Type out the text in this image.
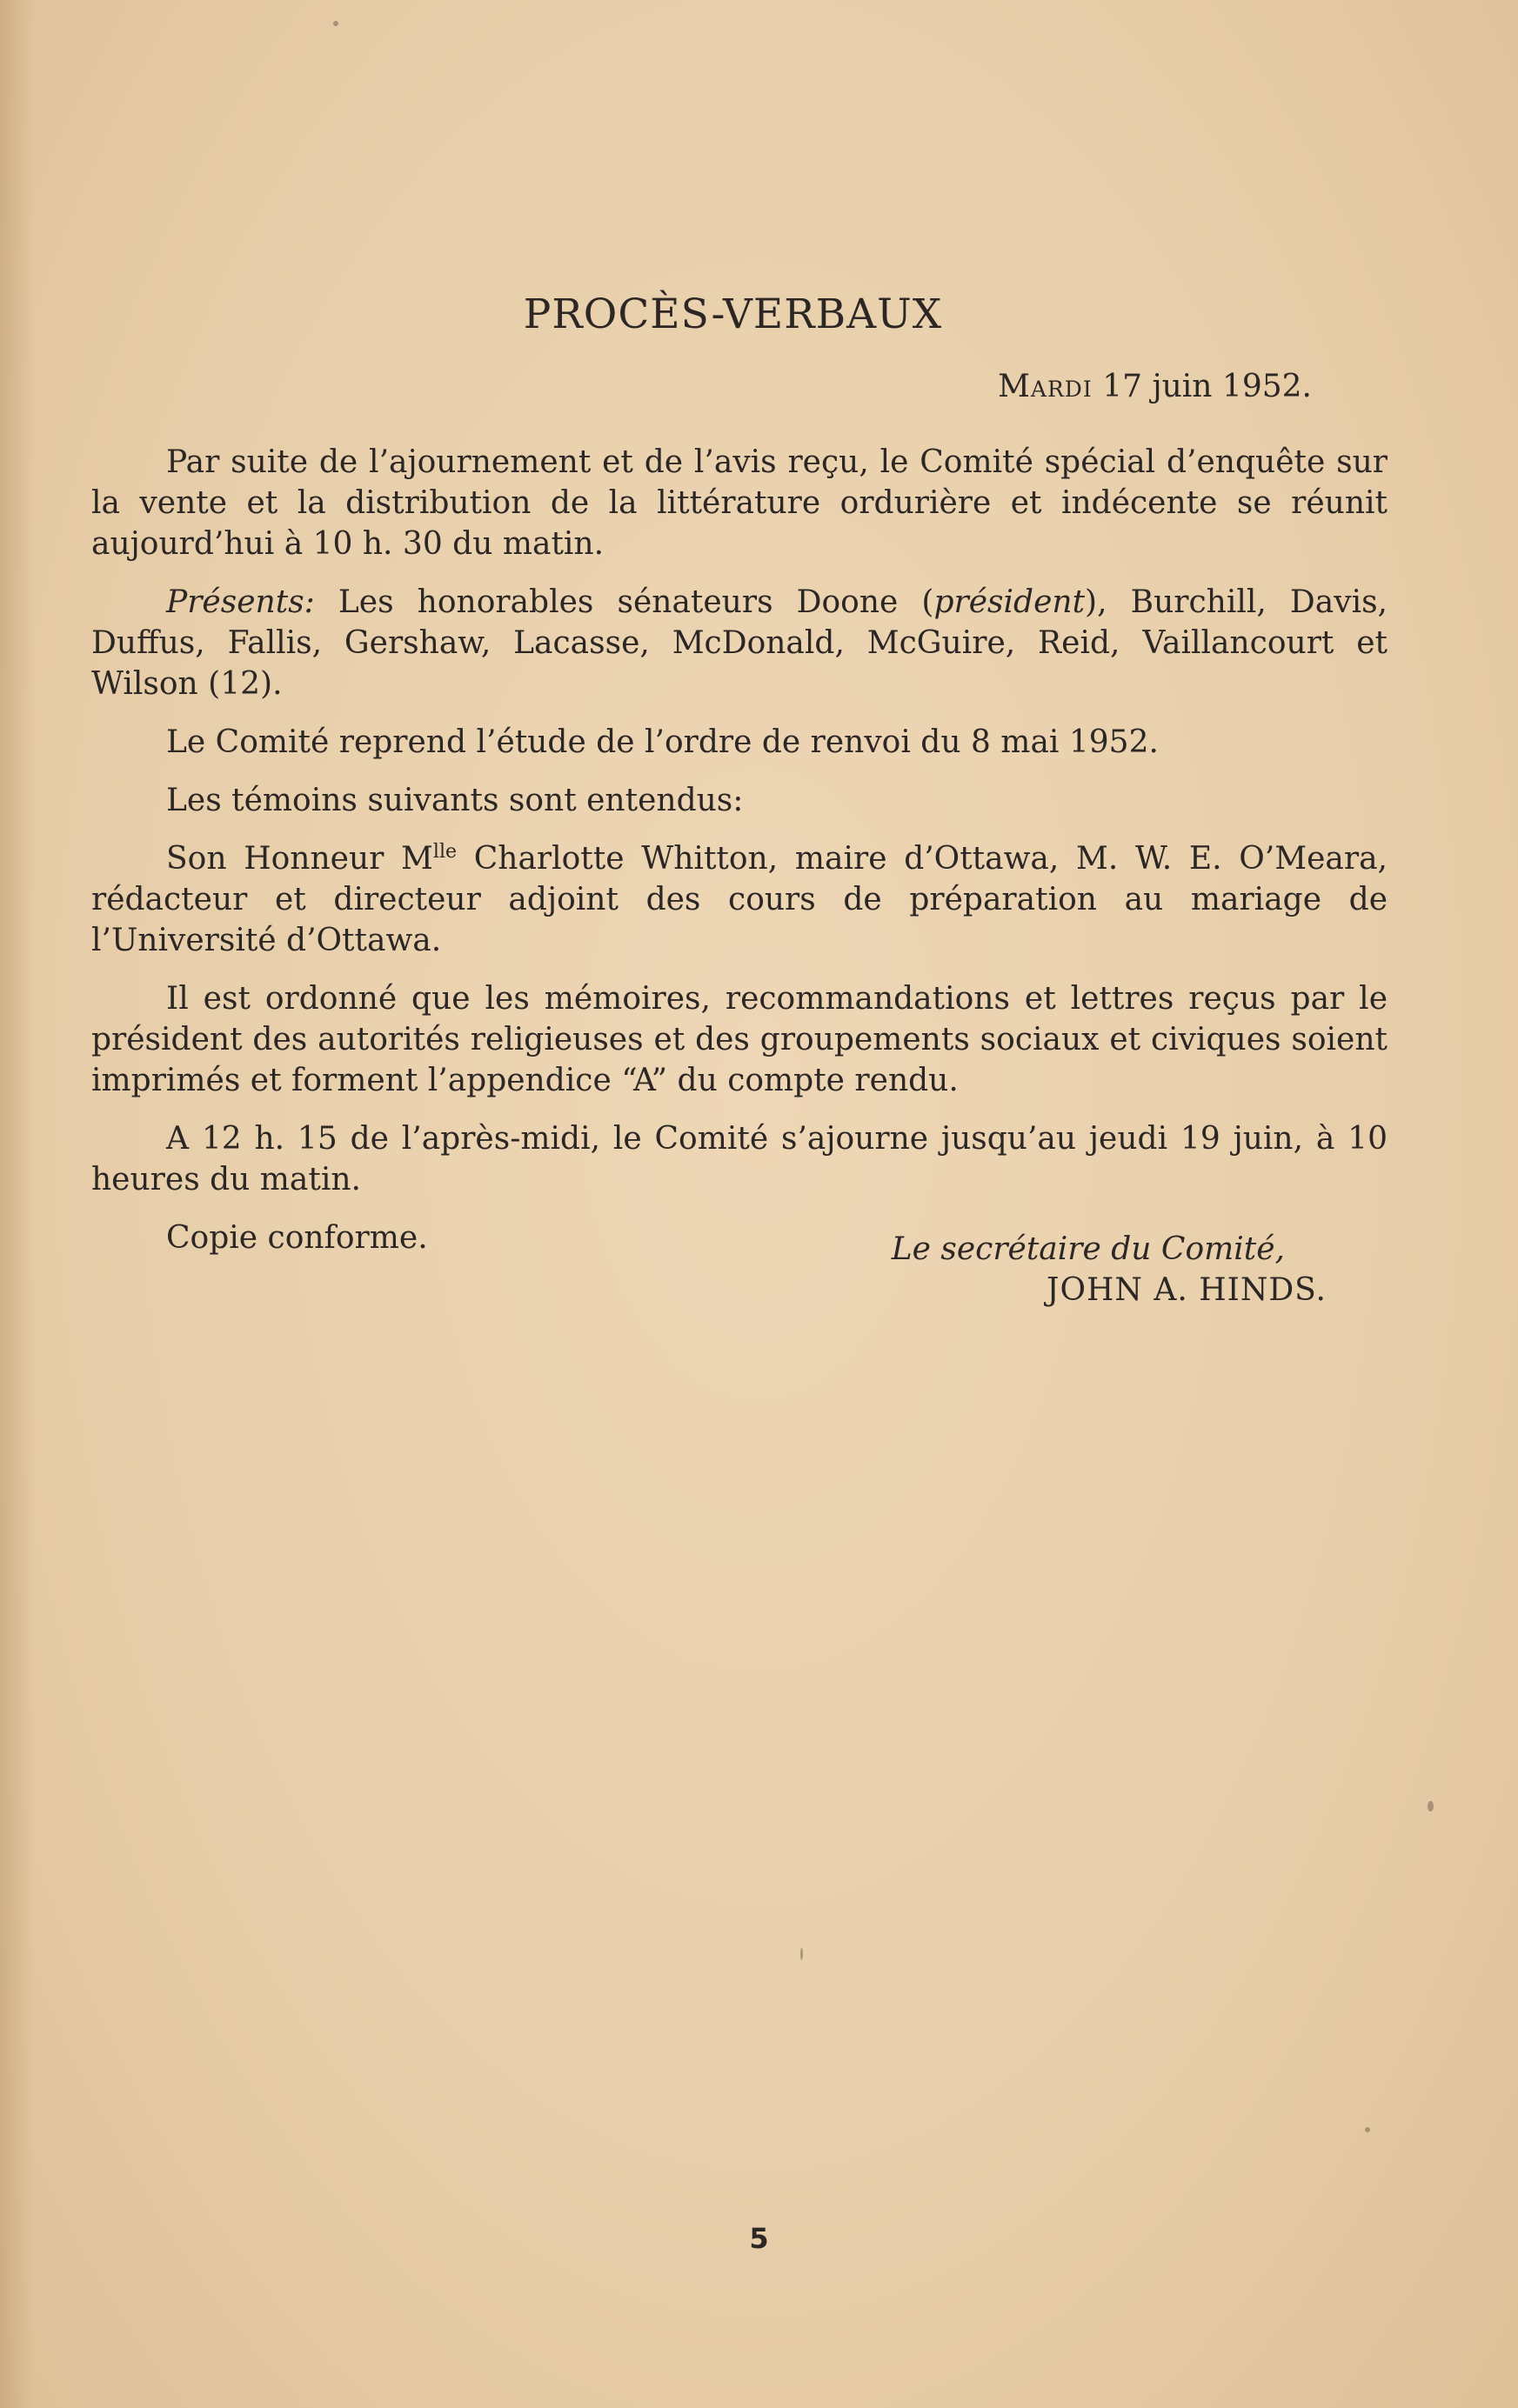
PROCÈS-VERBAUX
Mardi 17 juin 1952.

Par suite de l’ajournement et de l’avis reçu, le Comité spécial d’enquête sur la vente et la distribution de la littérature ordurière et indécente se réunit aujourd’hui à 10 h. 30 du matin.

Présents: Les honorables sénateurs Doone (président), Burchill, Davis, Duffus, Fallis, Gershaw, Lacasse, McDonald, McGuire, Reid, Vaillancourt et Wilson (12).

Le Comité reprend l’étude de l’ordre de renvoi du 8 mai 1952.

Les témoins suivants sont entendus:

Son Honneur $M^{lle}$ Charlotte Whitton, maire d’Ottawa, M. W. E. O’Meara, rédacteur et directeur adjoint des cours de préparation au mariage de l’Université d’Ottawa.

Il est ordonné que les mémoires, recommandations et lettres reçus par le président des autorités religieuses et des groupements sociaux et civiques soient imprimés et forment l’appendice “A” du compte rendu.

A 12 h. 15 de l’après-midi, le Comité s’ajourne jusqu’au jeudi 19 juin, à 10 heures du matin.

Copie conforme.	Le secrétaire du Comité,
JOHN A. HINDS.
5
